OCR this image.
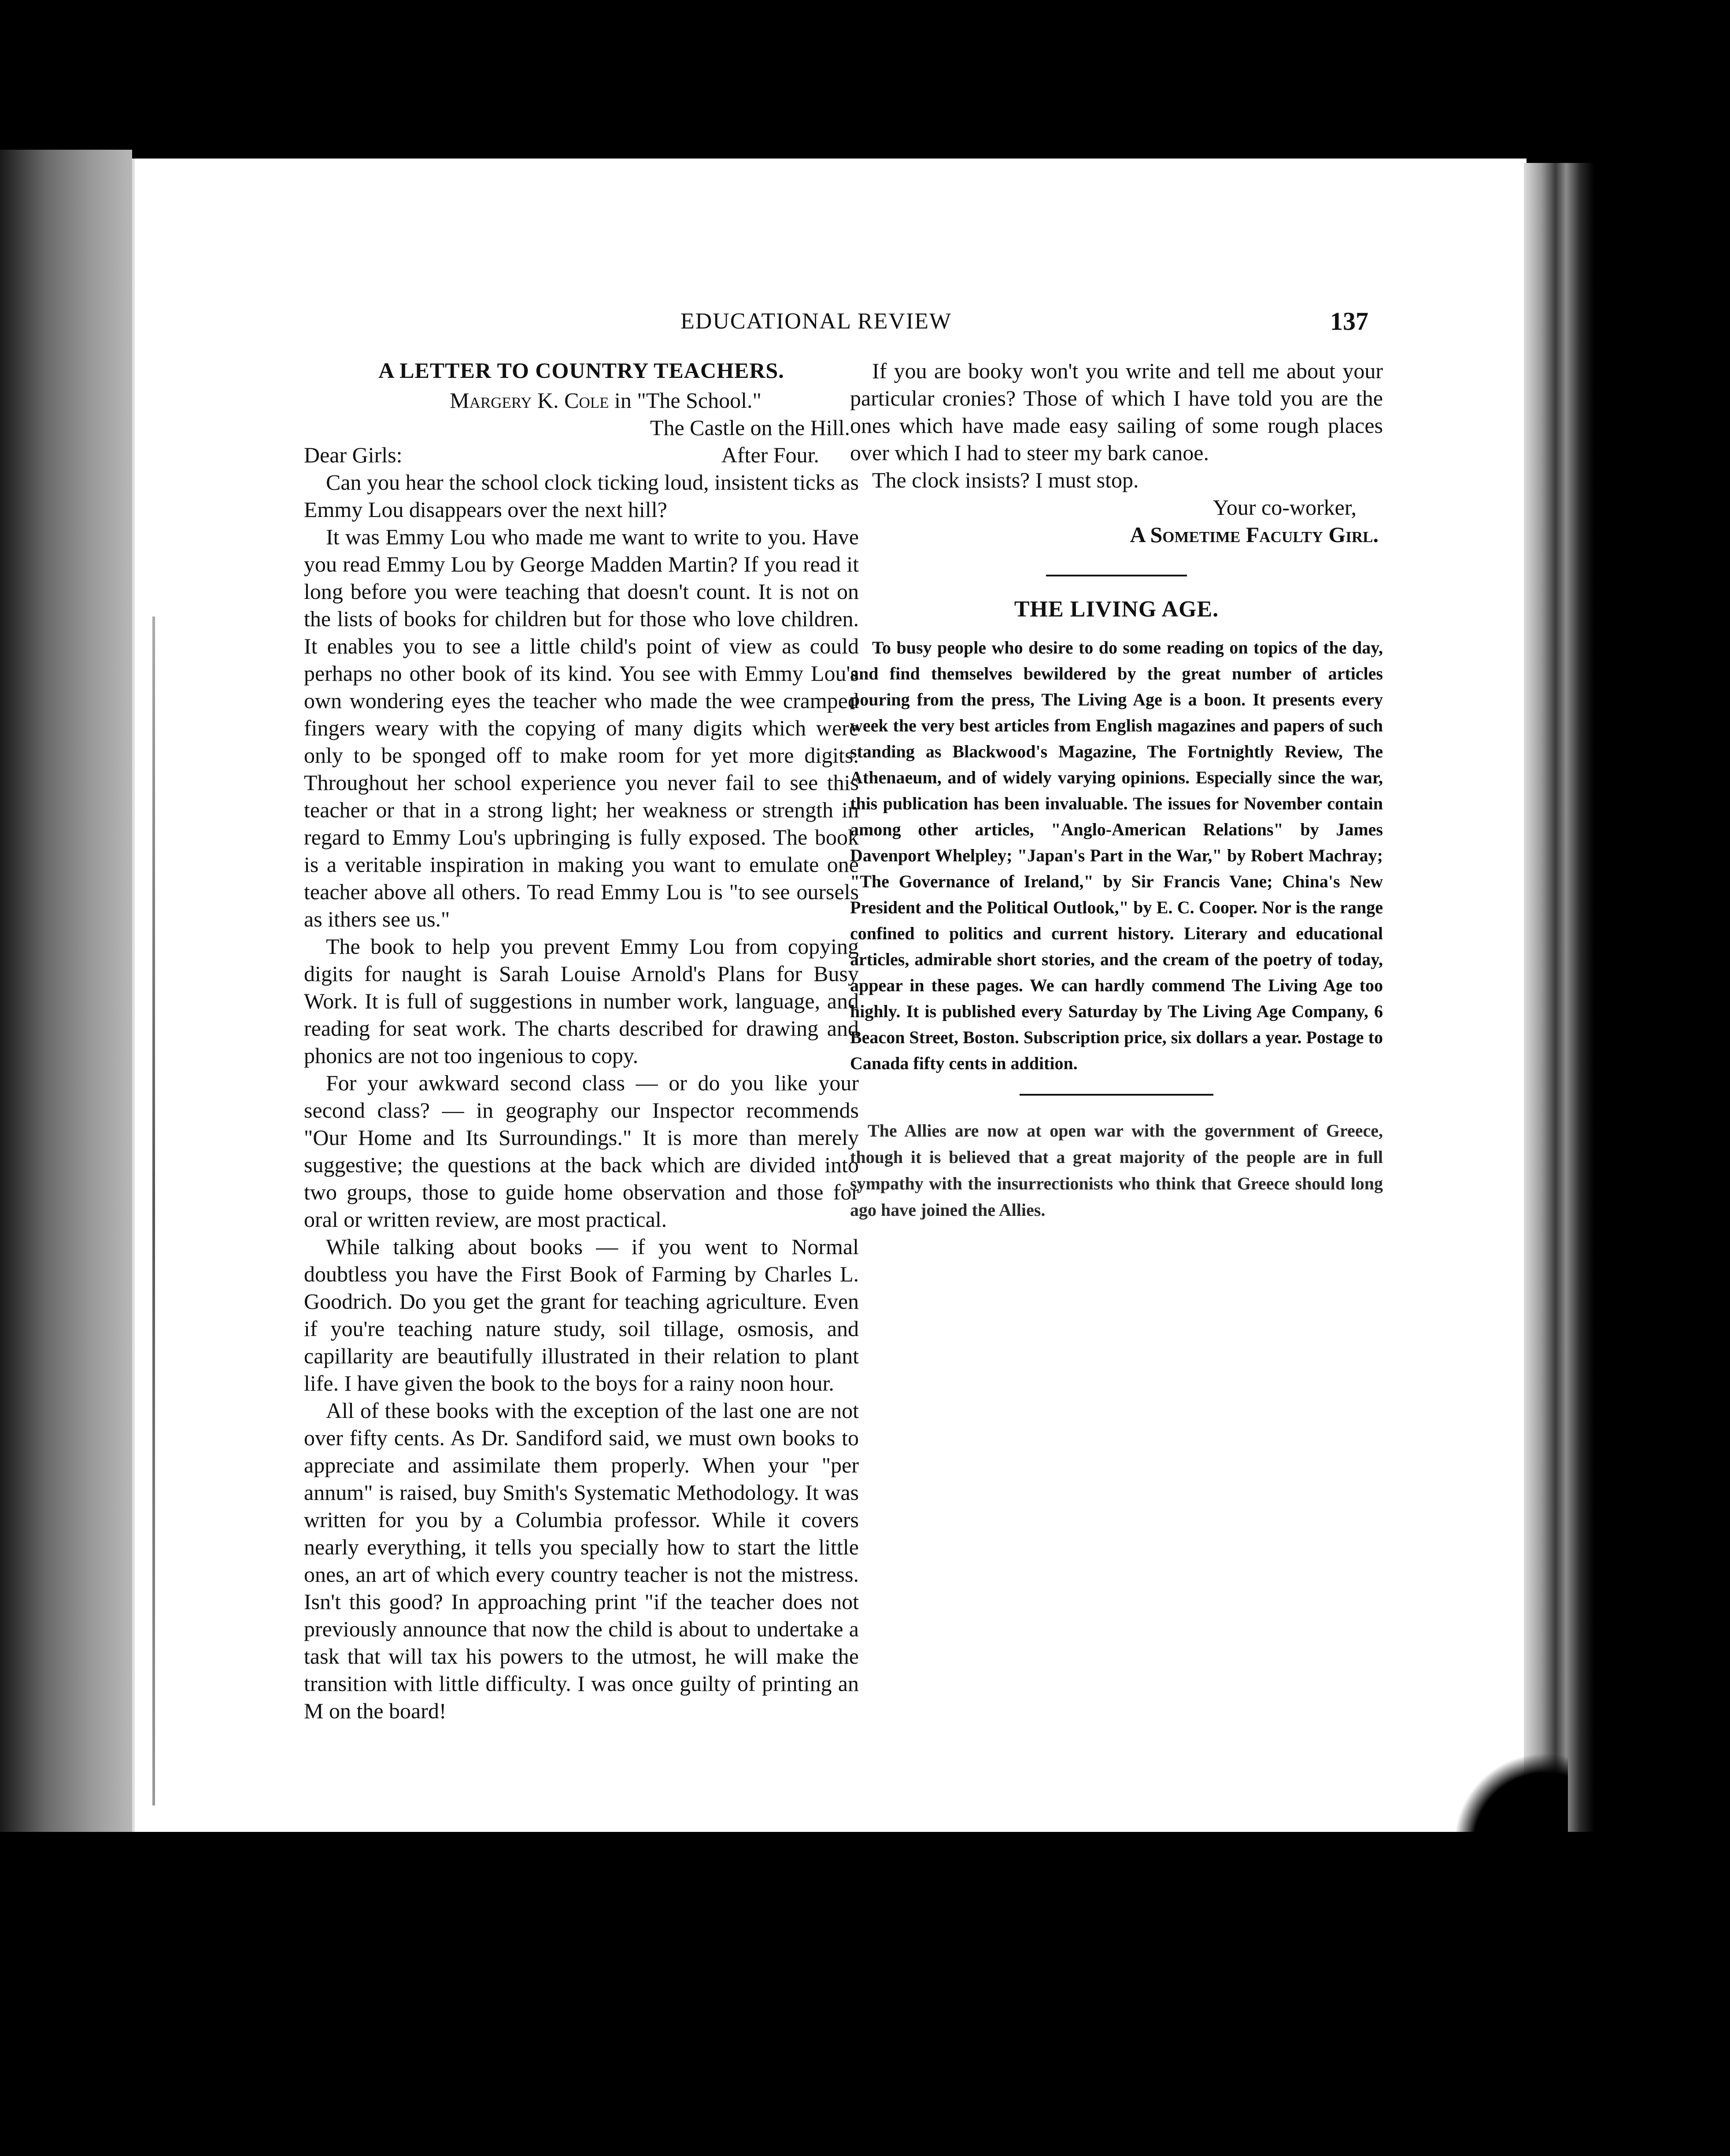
EDUCATIONAL REVIEW	137
A LETTER TO COUNTRY TEACHERS.

Margery K. Cole in "The School."

The Castle on the Hill.

Dear Girls:	After Four.

Can you hear the school clock ticking loud, insistent ticks as Emmy Lou disappears over the next hill?

It was Emmy Lou who made me want to write to you. Have you read Emmy Lou by George Madden Martin? If you read it long before you were teaching that doesn't count. It is not on the lists of books for children but for those who love children. It enables you to see a little child's point of view as could perhaps no other book of its kind. You see with Emmy Lou's own wondering eyes the teacher who made the wee cramped fingers weary with the copying of many digits which were only to be sponged off to make room for yet more digits. Throughout her school experience you never fail to see this teacher or that in a strong light; her weakness or strength in regard to Emmy Lou's upbringing is fully exposed. The book is a veritable inspiration in making you want to emulate one teacher above all others. To read Emmy Lou is "to see oursels as ithers see us."

The book to help you prevent Emmy Lou from copying digits for naught is Sarah Louise Arnold's Plans for Busy Work. It is full of suggestions in number work, language, and reading for seat work. The charts described for drawing and phonics are not too ingenious to copy.

For your awkward second class — or do you like your second class? — in geography our Inspector recommends "Our Home and Its Surroundings." It is more than merely suggestive; the questions at the back which are divided into two groups, those to guide home observation and those for oral or written review, are most practical.

While talking about books — if you went to Normal doubtless you have the First Book of Farming by Charles L. Goodrich. Do you get the grant for teaching agriculture. Even if you're teaching nature study, soil tillage, osmosis, and capillarity are beautifully illustrated in their relation to plant life. I have given the book to the boys for a rainy noon hour.

All of these books with the exception of the last one are not over fifty cents. As Dr. Sandiford said, we must own books to appreciate and assimilate them properly. When your "per annum" is raised, buy Smith's Systematic Methodology. It was written for you by a Columbia professor. While it covers nearly everything, it tells you specially how to start the little ones, an art of which every country teacher is not the mistress. Isn't this good? In approaching print "if the teacher does not previously announce that now the child is about to undertake a task that will tax his powers to the utmost, he will make the transition with little difficulty. I was once guilty of printing an M on the board!

If you are booky won't you write and tell me about your particular cronies? Those of which I have told you are the ones which have made easy sailing of some rough places over which I had to steer my bark canoe.

The clock insists? I must stop.

Your co-worker,

A Sometime Faculty Girl.

THE LIVING AGE.

To busy people who desire to do some reading on topics of the day, and find themselves bewildered by the great number of articles pouring from the press, The Living Age is a boon. It presents every week the very best articles from English magazines and papers of such standing as Blackwood's Magazine, The Fortnightly Review, The Athenaeum, and of widely varying opinions. Especially since the war, this publication has been invaluable. The issues for November contain among other articles, "Anglo-American Relations" by James Davenport Whelpley; "Japan's Part in the War," by Robert Machray; "The Governance of Ireland," by Sir Francis Vane; China's New President and the Political Outlook," by E. C. Cooper. Nor is the range confined to politics and current history. Literary and educational articles, admirable short stories, and the cream of the poetry of today, appear in these pages. We can hardly commend The Living Age too highly. It is published every Saturday by The Living Age Company, 6 Beacon Street, Boston. Subscription price, six dollars a year. Postage to Canada fifty cents in addition.

The Allies are now at open war with the government of Greece, though it is believed that a great majority of the people are in full sympathy with the insurrectionists who think that Greece should long ago have joined the Allies.
